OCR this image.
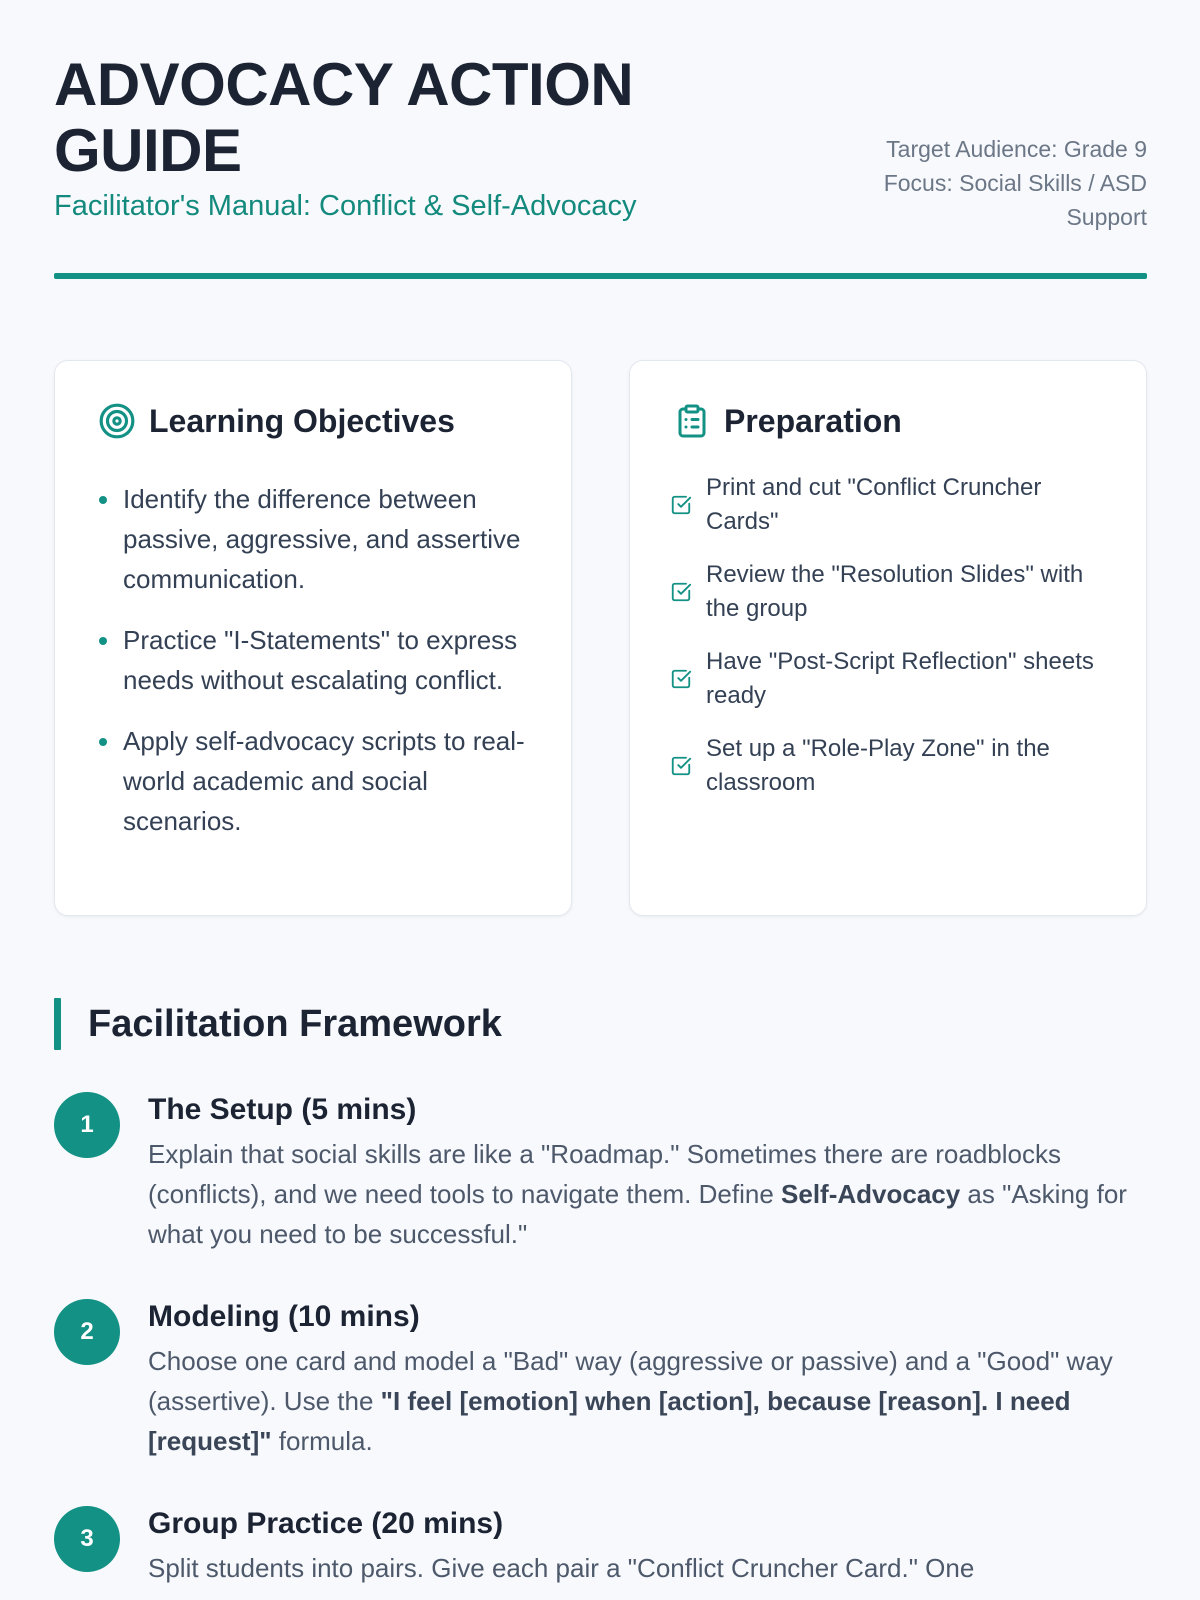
ADVOCACY ACTION GUIDE
Facilitator's Manual: Conflict & Self-Advocacy
Target Audience: Grade 9
Focus: Social Skills / ASD Support
Learning Objectives
Identify the difference between passive, aggressive, and assertive communication.
Practice "I-Statements" to express needs without escalating conflict.
Apply self-advocacy scripts to real-world academic and social scenarios.
Preparation
Print and cut "Conflict Cruncher Cards"
Review the "Resolution Slides" with the group
Have "Post-Script Reflection" sheets ready
Set up a "Role-Play Zone" in the classroom
Facilitation Framework
1	The Setup (5 mins)

Explain that social skills are like a "Roadmap." Sometimes there are roadblocks (conflicts), and we need tools to navigate them. Define Self-Advocacy as "Asking for what you need to be successful."

2	Modeling (10 mins)

Choose one card and model a "Bad" way (aggressive or passive) and a "Good" way (assertive). Use the "I feel [emotion] when [action], because [reason]. I need [request]" formula.

3	Group Practice (20 mins)

Split students into pairs. Give each pair a "Conflict Cruncher Card." One
